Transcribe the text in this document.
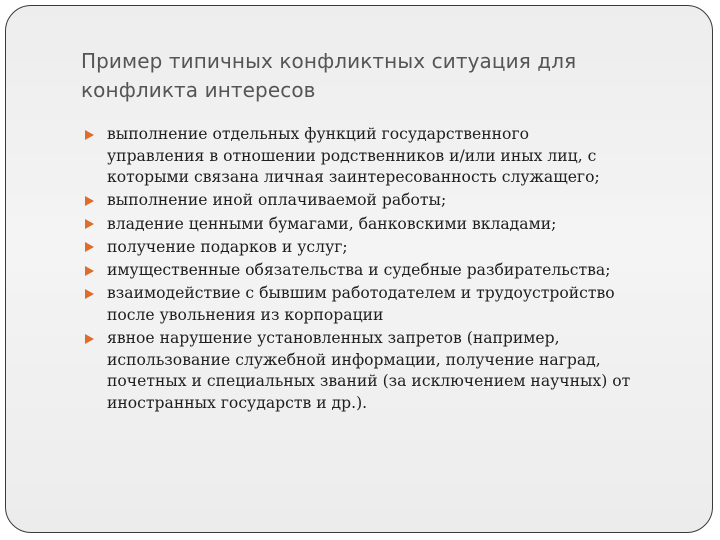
Пример типичных конфликтных ситуация для
конфликта интересов
выполнение отдельных функций государственного
управления в отношении родственников и/или иных лиц, с
которыми связана личная заинтересованность служащего;
выполнение иной оплачиваемой работы;
владение ценными бумагами, банковскими вкладами;
получение подарков и услуг;
имущественные обязательства и судебные разбирательства;
взаимодействие с бывшим работодателем и трудоустройство
после увольнения из корпорации
явное нарушение установленных запретов (например,
использование служебной информации, получение наград,
почетных и специальных званий (за исключением научных) от
иностранных государств и др.).
